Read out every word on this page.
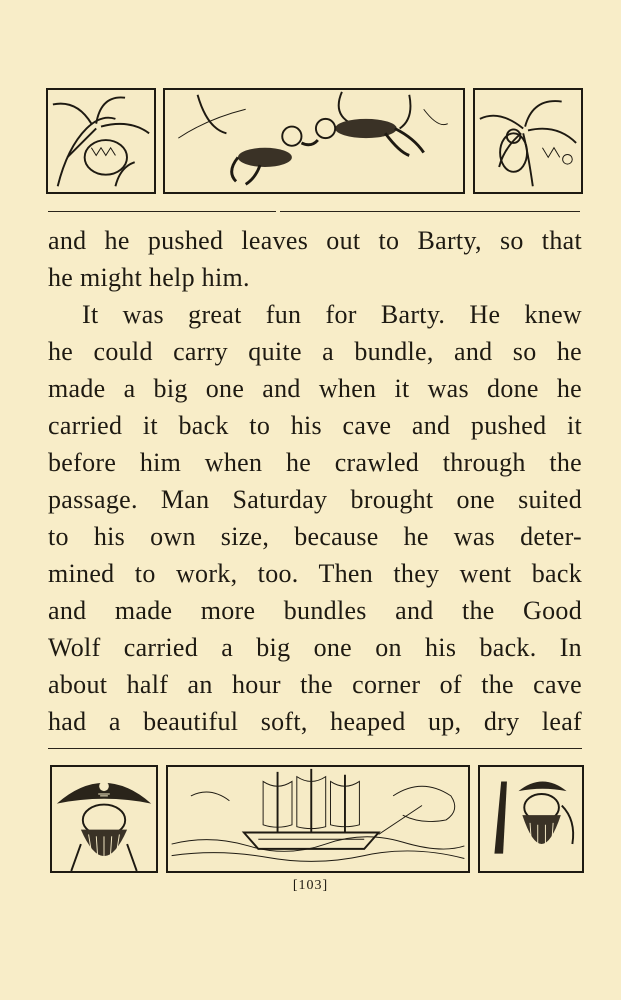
and he pushed leaves out to Barty, so that
he might help him.
It was great fun for Barty. He knew
he could carry quite a bundle, and so he
made a big one and when it was done he
carried it back to his cave and pushed it
before him when he crawled through the
passage. Man Saturday brought one suited
to his own size, because he was deter-
mined to work, too. Then they went back
and made more bundles and the Good
Wolf carried a big one on his back. In
about half an hour the corner of the cave
had a beautiful soft, heaped up, dry leaf
[103]
